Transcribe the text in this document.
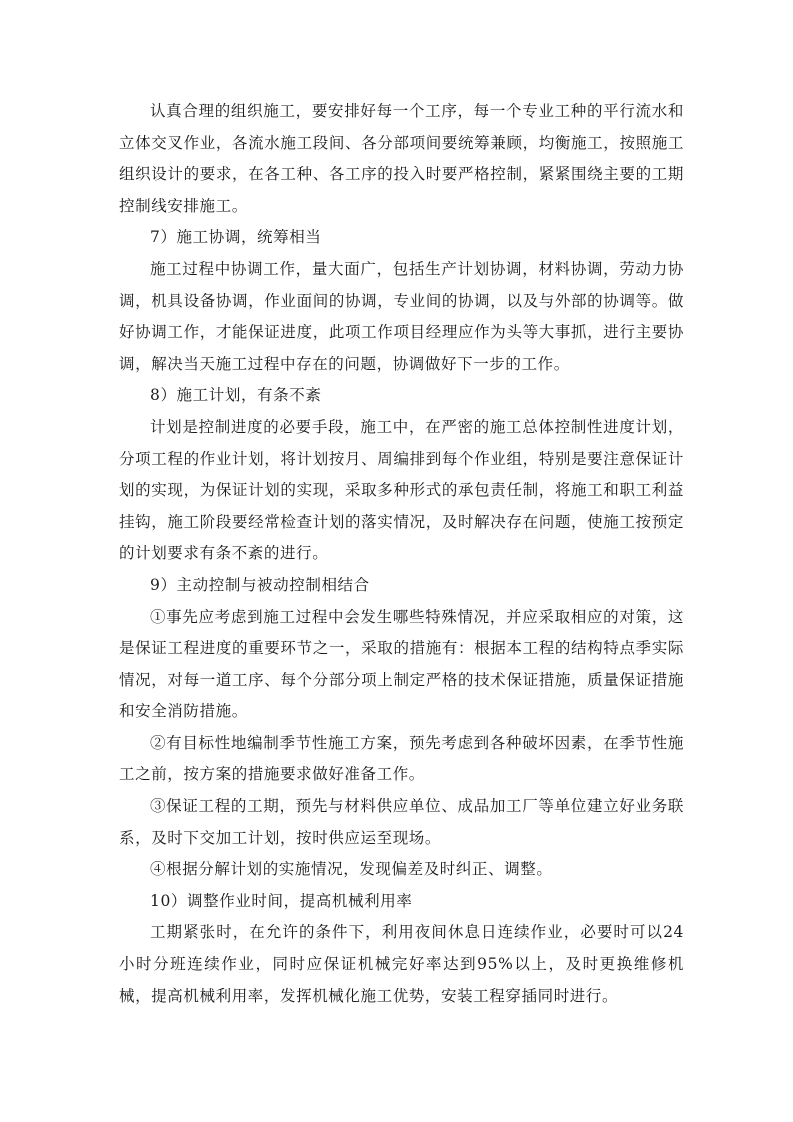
认真合理的组织施工，要安排好每一个工序，每一个专业工种的平行流水和立体交叉作业，各流水施工段间、各分部项间要统筹兼顾，均衡施工，按照施工组织设计的要求，在各工种、各工序的投入时要严格控制，紧紧围绕主要的工期控制线安排施工。

7）施工协调，统筹相当

施工过程中协调工作，量大面广，包括生产计划协调，材料协调，劳动力协调，机具设备协调，作业面间的协调，专业间的协调，以及与外部的协调等。做好协调工作，才能保证进度，此项工作项目经理应作为头等大事抓，进行主要协调，解决当天施工过程中存在的问题，协调做好下一步的工作。

8）施工计划，有条不紊

计划是控制进度的必要手段，施工中，在严密的施工总体控制性进度计划，分项工程的作业计划，将计划按月、周编排到每个作业组，特别是要注意保证计划的实现，为保证计划的实现，采取多种形式的承包责任制，将施工和职工利益挂钩，施工阶段要经常检查计划的落实情况，及时解决存在问题，使施工按预定的计划要求有条不紊的进行。

9）主动控制与被动控制相结合

①事先应考虑到施工过程中会发生哪些特殊情况，并应采取相应的对策，这是保证工程进度的重要环节之一，采取的措施有：根据本工程的结构特点季实际情况，对每一道工序、每个分部分项上制定严格的技术保证措施，质量保证措施和安全消防措施。

②有目标性地编制季节性施工方案，预先考虑到各种破坏因素，在季节性施工之前，按方案的措施要求做好准备工作。

③保证工程的工期，预先与材料供应单位、成品加工厂等单位建立好业务联系，及时下交加工计划，按时供应运至现场。

④根据分解计划的实施情况，发现偏差及时纠正、调整。

10）调整作业时间，提高机械利用率

工期紧张时，在允许的条件下，利用夜间休息日连续作业，必要时可以24小时分班连续作业，同时应保证机械完好率达到95%以上，及时更换维修机械，提高机械利用率，发挥机械化施工优势，安装工程穿插同时进行。
